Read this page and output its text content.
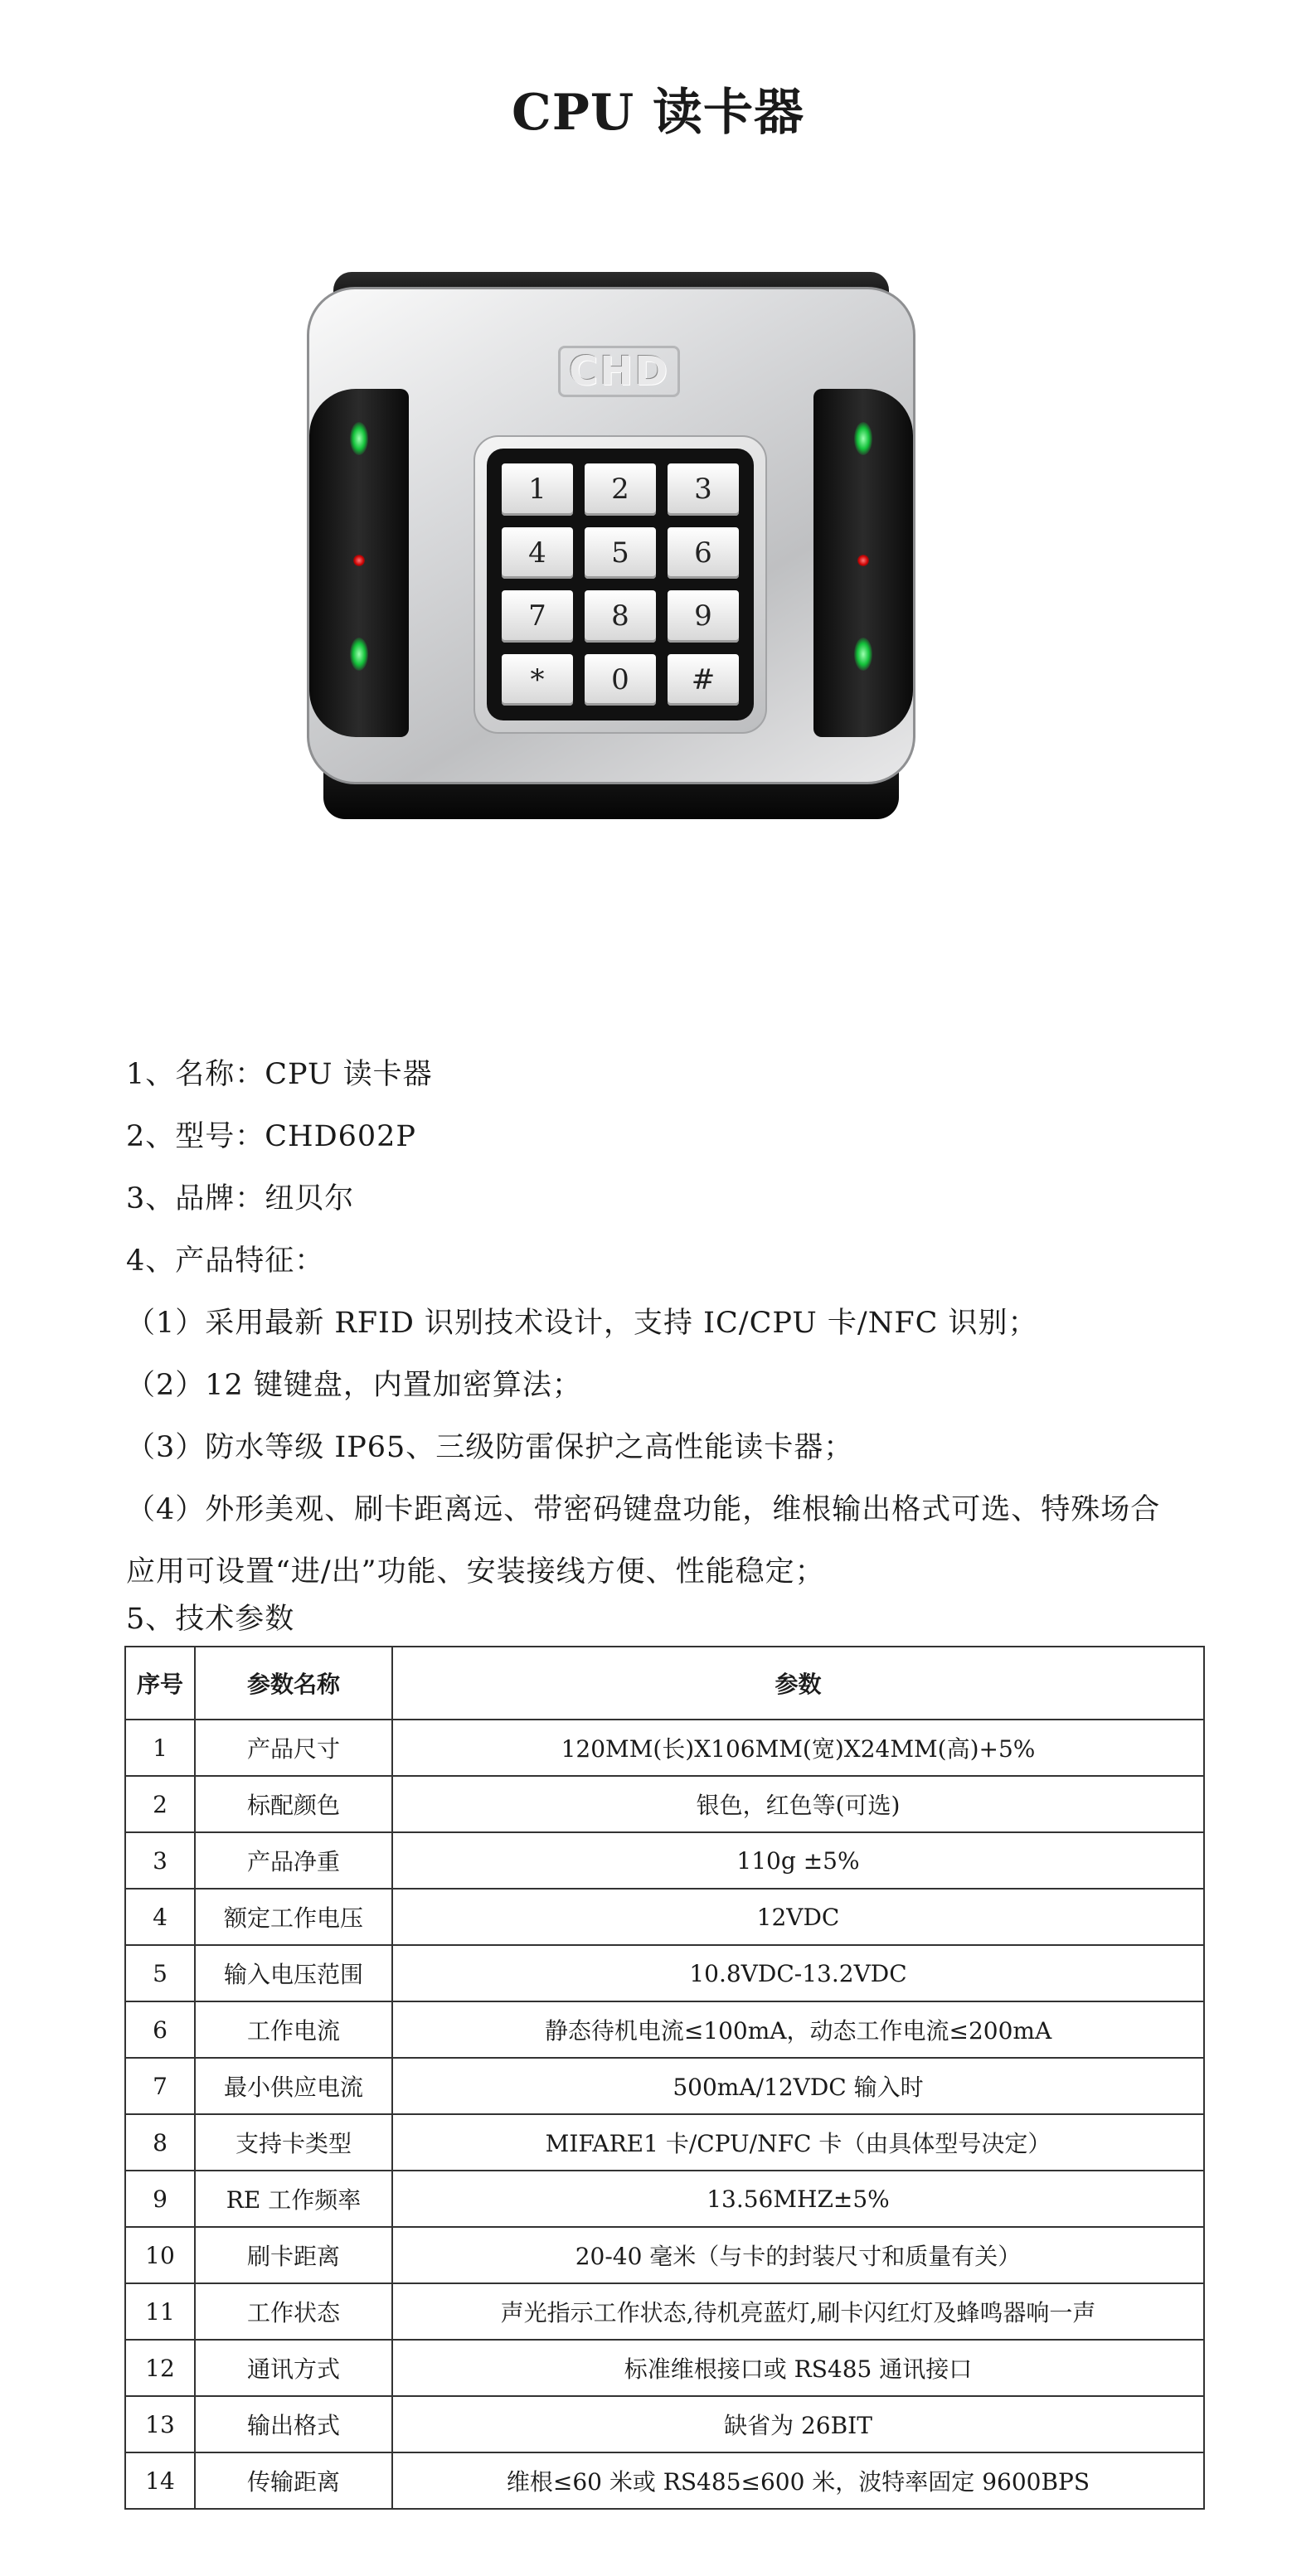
CPU 读卡器
CHD
1	2	3
4	5	6
7	8	9
*	0	#

1、名称：CPU 读卡器

2、型号：CHD602P

3、品牌：纽贝尔

4、产品特征：

（1）采用最新 RFID 识别技术设计，支持 IC/CPU 卡/NFC 识别；

（2）12 键键盘，内置加密算法；

（3）防水等级 IP65、三级防雷保护之高性能读卡器；

（4）外形美观、刷卡距离远、带密码键盘功能，维根输出格式可选、特殊场合

应用可设置“进/出”功能、安装接线方便、性能稳定；

5、技术参数

序号	参数名称	参数
1	产品尺寸	120MM(长)X106MM(宽)X24MM(高)+5%
2	标配颜色	银色，红色等(可选)
3	产品净重	110g ±5%
4	额定工作电压	12VDC
5	输入电压范围	10.8VDC-13.2VDC
6	工作电流	静态待机电流≤100mA，动态工作电流≤200mA
7	最小供应电流	500mA/12VDC 输入时
8	支持卡类型	MIFARE1 卡/CPU/NFC 卡（由具体型号决定）
9	RE 工作频率	13.56MHZ±5%
10	刷卡距离	20-40 毫米（与卡的封装尺寸和质量有关）
11	工作状态	声光指示工作状态,待机亮蓝灯,刷卡闪红灯及蜂鸣器响一声
12	通讯方式	标准维根接口或 RS485 通讯接口
13	输出格式	缺省为 26BIT
14	传输距离	维根≤60 米或 RS485≤600 米，波特率固定 9600BPS
